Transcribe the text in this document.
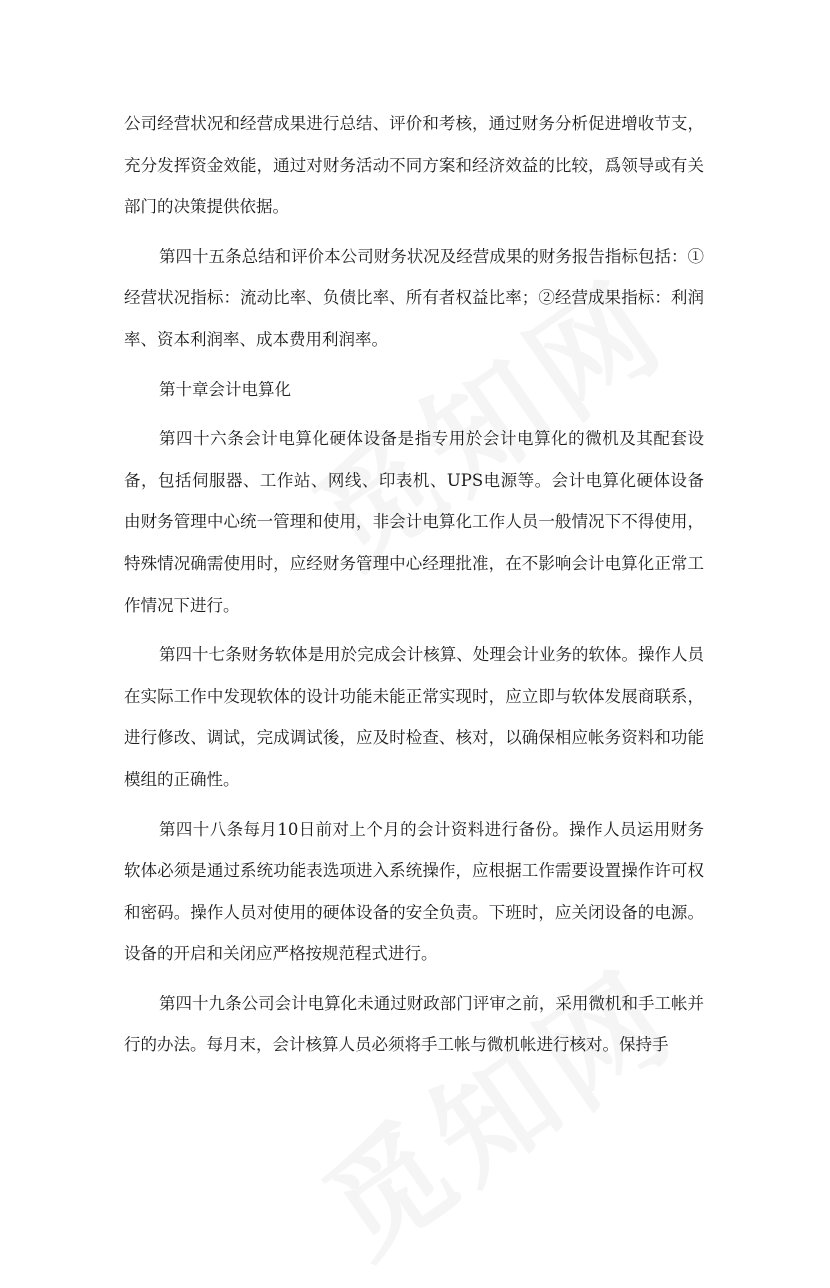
公司经营状况和经营成果进行总结、评价和考核，通过财务分析促进增收节支，充分发挥资金效能，通过对财务活动不同方案和经济效益的比较，爲领导或有关部门的决策提供依据。

第四十五条总结和评价本公司财务状况及经营成果的财务报告指标包括：①经营状况指标：流动比率、负债比率、所有者权益比率；②经营成果指标：利润率、资本利润率、成本费用利润率。

第十章会计电算化

第四十六条会计电算化硬体设备是指专用於会计电算化的微机及其配套设备，包括伺服器、工作站、网线、印表机、UPS电源等。会计电算化硬体设备由财务管理中心统一管理和使用，非会计电算化工作人员一般情况下不得使用，特殊情况确需使用时，应经财务管理中心经理批准，在不影响会计电算化正常工作情况下进行。

第四十七条财务软体是用於完成会计核算、处理会计业务的软体。操作人员在实际工作中发现软体的设计功能未能正常实现时，应立即与软体发展商联系，进行修改、调试，完成调试後，应及时检查、核对，以确保相应帐务资料和功能模组的正确性。

第四十八条每月10日前对上个月的会计资料进行备份。操作人员运用财务软体必须是通过系统功能表选项进入系统操作，应根据工作需要设置操作许可权和密码。操作人员对使用的硬体设备的安全负责。下班时，应关闭设备的电源。设备的开启和关闭应严格按规范程式进行。

第四十九条公司会计电算化未通过财政部门评审之前，采用微机和手工帐并行的办法。每月末，会计核算人员必须将手工帐与微机帐进行核对。保持手
